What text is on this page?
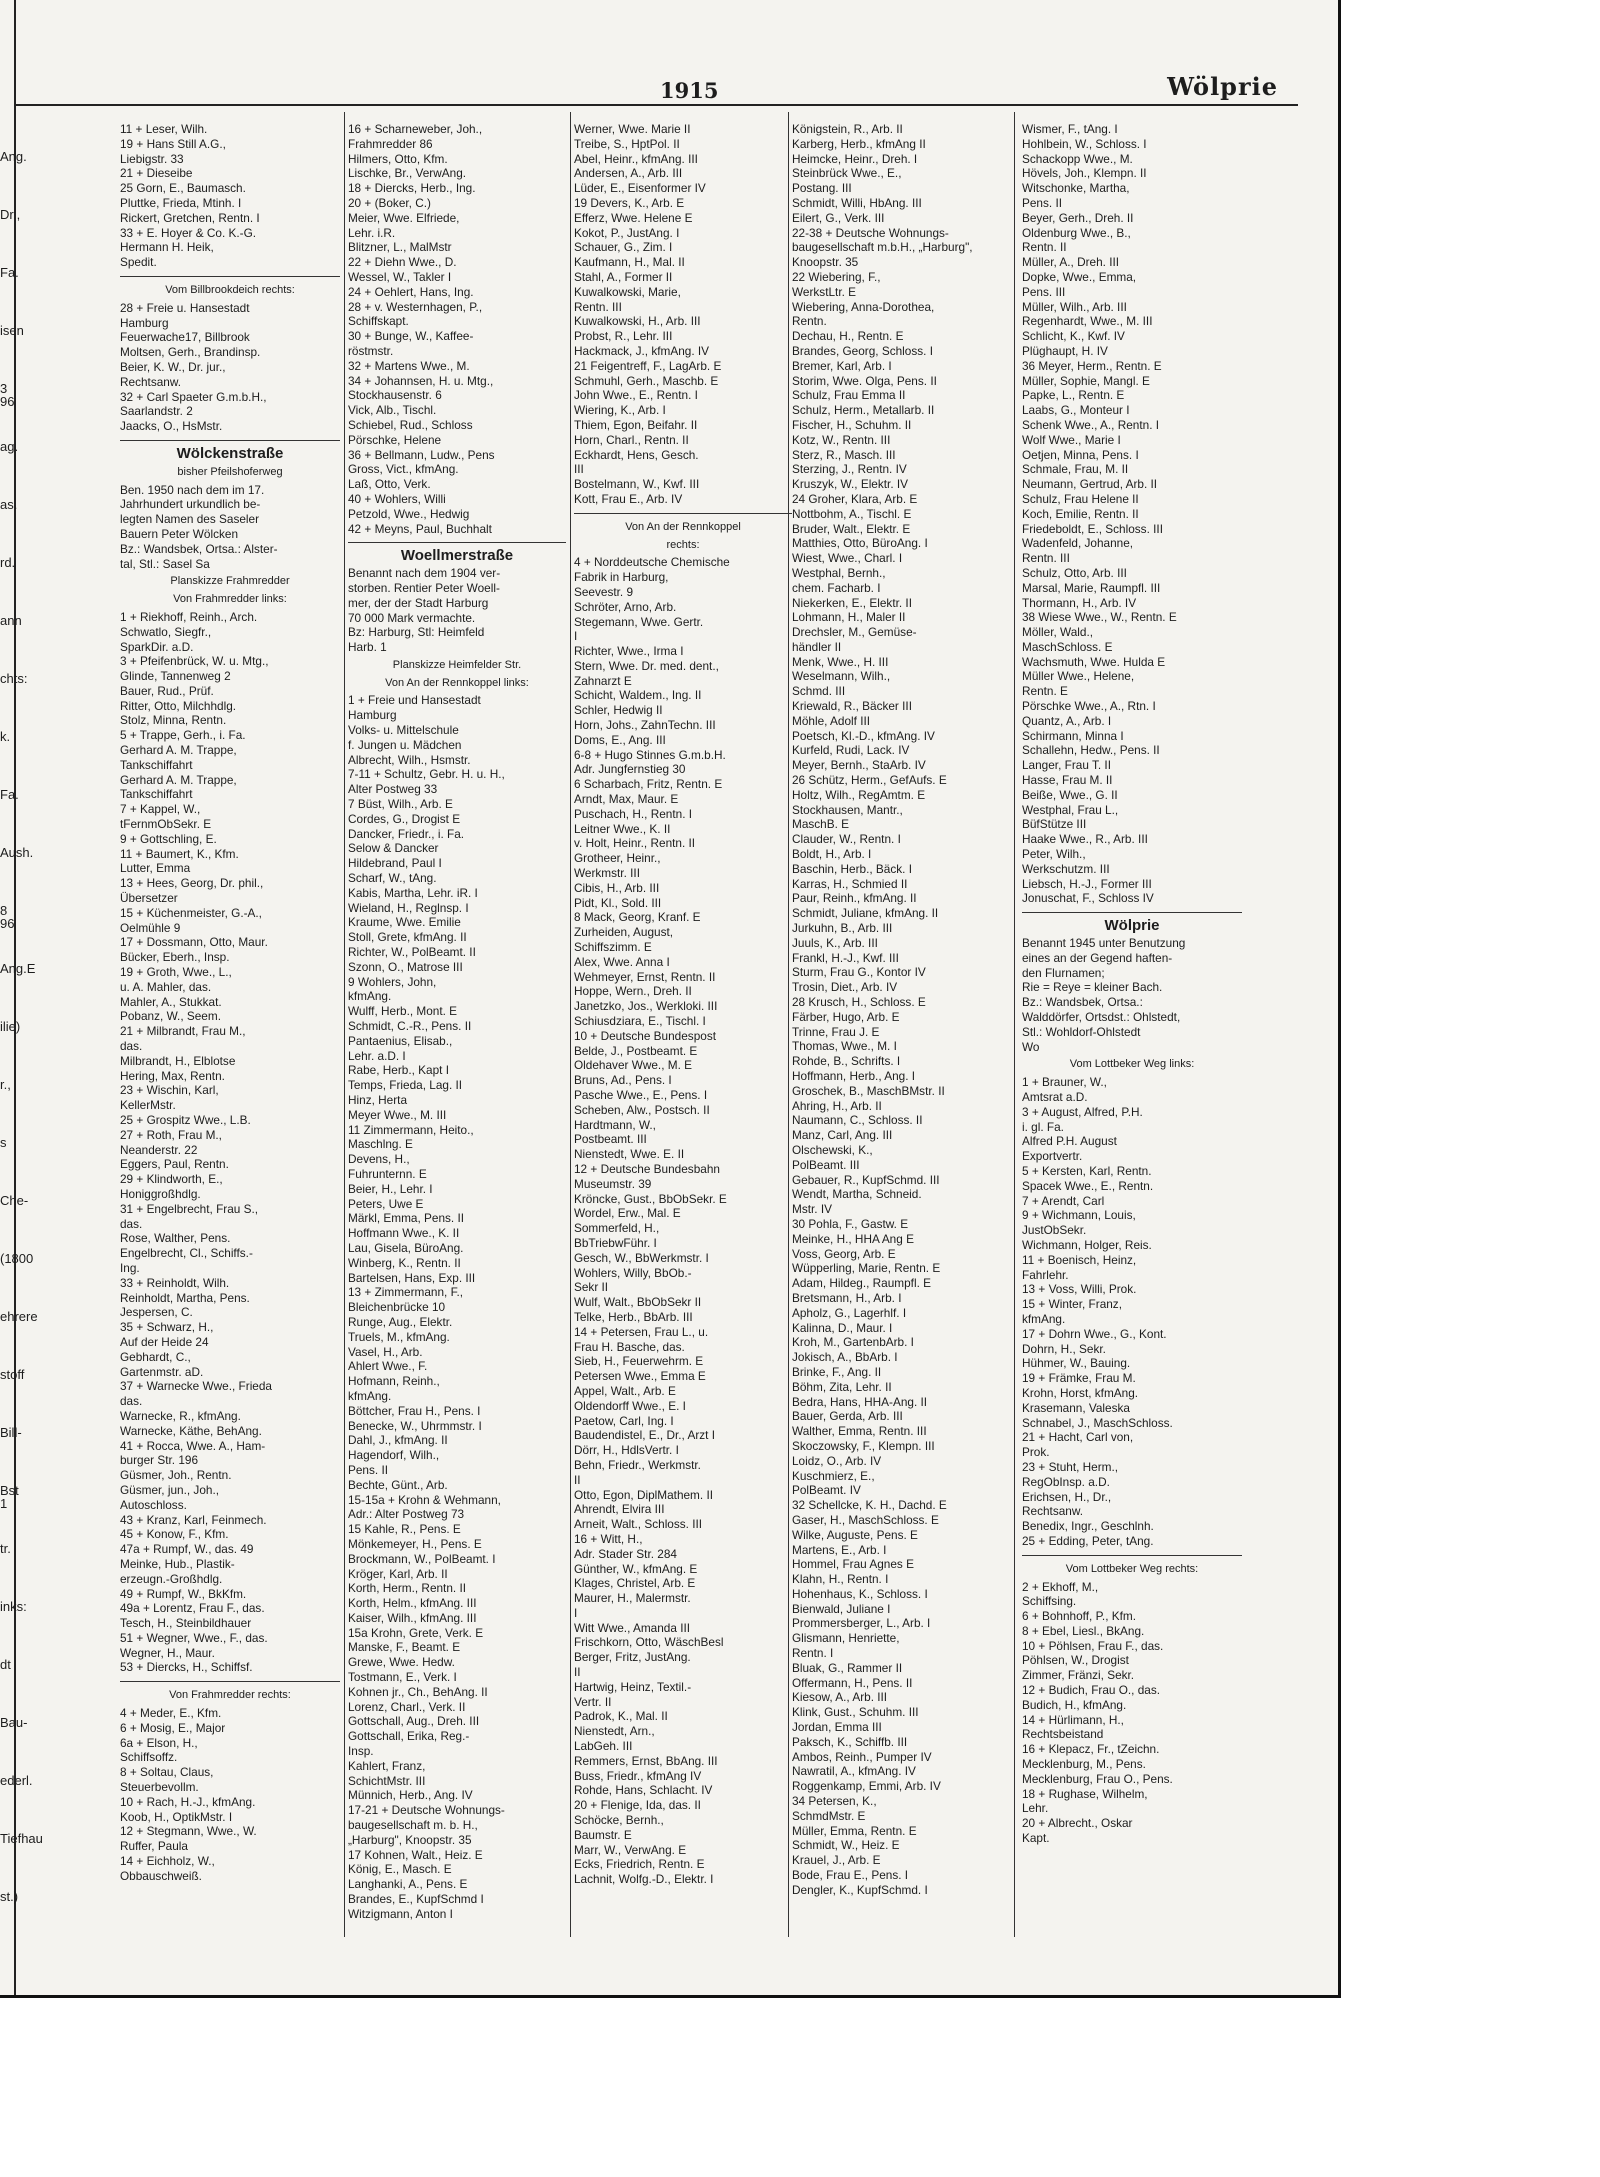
Ang.
Dr.,
Fa.
isen
3 96
ag.
as.
rd.
ann
chts:
k.
Fa.
Aush.
8 96
Ang.E
ilie)
r.,
s
Che-
(1800
ehrere
stoff
Bill-
Bst 1
tr.
inks:
dt
Bau-
ederl.
Tiefhau
st.)
1915	Wölprie
11 + Leser, Wilh.
19 + Hans Still A.G.,
Liebigstr. 33
21 + Dieseibe
25 Gorn, E., Baumasch.
Pluttke, Frieda, Mtinh. I
Rickert, Gretchen, Rentn. I
33 + E. Hoyer & Co. K.-G.
Hermann H. Heik,
Spedit.
Vom Billbrookdeich rechts:
28 + Freie u. Hansestadt
Hamburg
Feuerwache17, Billbrook
Moltsen, Gerh., Brandinsp.
Beier, K. W., Dr. jur.,
Rechtsanw.
32 + Carl Spaeter G.m.b.H.,
Saarlandstr. 2
Jaacks, O., HsMstr.
Wölckenstraße
bisher Pfeilshoferweg
Ben. 1950 nach dem im 17.
Jahrhundert urkundlich be-
legten Namen des Saseler
Bauern Peter Wölcken
Bz.: Wandsbek, Ortsa.: Alster-
tal, Stl.: Sasel Sa
Planskizze Frahmredder
Von Frahmredder links:
1 + Riekhoff, Reinh., Arch.
Schwatlo, Siegfr.,
SparkDir. a.D.
3 + Pfeifenbrück, W. u. Mtg.,
Glinde, Tannenweg 2
Bauer, Rud., Prüf.
Ritter, Otto, Milchhdlg.
Stolz, Minna, Rentn.
5 + Trappe, Gerh., i. Fa.
Gerhard A. M. Trappe,
Tankschiffahrt
Gerhard A. M. Trappe,
Tankschiffahrt
7 + Kappel, W.,
tFernmObSekr. E
9 + Gottschling, E.
11 + Baumert, K., Kfm.
Lutter, Emma
13 + Hees, Georg, Dr. phil.,
Übersetzer
15 + Küchenmeister, G.-A.,
Oelmühle 9
17 + Dossmann, Otto, Maur.
Bücker, Eberh., Insp.
19 + Groth, Wwe., L.,
u. A. Mahler, das.
Mahler, A., Stukkat.
Pobanz, W., Seem.
21 + Milbrandt, Frau M.,
das.
Milbrandt, H., Elblotse
Hering, Max, Rentn.
23 + Wischin, Karl,
KellerMstr.
25 + Grospitz Wwe., L.B.
27 + Roth, Frau M.,
Neanderstr. 22
Eggers, Paul, Rentn.
29 + Klindworth, E.,
Honiggroßhdlg.
31 + Engelbrecht, Frau S.,
das.
Rose, Walther, Pens.
Engelbrecht, Cl., Schiffs.-
Ing.
33 + Reinholdt, Wilh.
Reinholdt, Martha, Pens.
Jespersen, C.
35 + Schwarz, H.,
Auf der Heide 24
Gebhardt, C.,
Gartenmstr. aD.
37 + Warnecke Wwe., Frieda
das.
Warnecke, R., kfmAng.
Warnecke, Käthe, BehAng.
41 + Rocca, Wwe. A., Ham-
burger Str. 196
Güsmer, Joh., Rentn.
Güsmer, jun., Joh.,
Autoschloss.
43 + Kranz, Karl, Feinmech.
45 + Konow, F., Kfm.
47a + Rumpf, W., das. 49
Meinke, Hub., Plastik-
erzeugn.-Großhdlg.
49 + Rumpf, W., BkKfm.
49a + Lorentz, Frau F., das.
Tesch, H., Steinbildhauer
51 + Wegner, Wwe., F., das.
Wegner, H., Maur.
53 + Diercks, H., Schiffsf.
Von Frahmredder rechts:
4 + Meder, E., Kfm.
6 + Mosig, E., Major
6a + Elson, H.,
Schiffsoffz.
8 + Soltau, Claus,
Steuerbevollm.
10 + Rach, H.-J., kfmAng.
Koob, H., OptikMstr. I
12 + Stegmann, Wwe., W.
Ruffer, Paula
14 + Eichholz, W.,
Obbauschweiß.
16 + Scharneweber, Joh.,
Frahmredder 86
Hilmers, Otto, Kfm.
Lischke, Br., VerwAng.
18 + Diercks, Herb., Ing.
20 + (Boker, C.)
Meier, Wwe. Elfriede,
Lehr. i.R.
Blitzner, L., MalMstr
22 + Diehn Wwe., D.
Wessel, W., Takler I
24 + Oehlert, Hans, Ing.
28 + v. Westernhagen, P.,
Schiffskapt.
30 + Bunge, W., Kaffee-
röstmstr.
32 + Martens Wwe., M.
34 + Johannsen, H. u. Mtg.,
Stockhausenstr. 6
Vick, Alb., Tischl.
Schiebel, Rud., Schloss
Pörschke, Helene
36 + Bellmann, Ludw., Pens
Gross, Vict., kfmAng.
Laß, Otto, Verk.
40 + Wohlers, Willi
Petzold, Wwe., Hedwig
42 + Meyns, Paul, Buchhalt
Woellmerstraße
Benannt nach dem 1904 ver-
storben. Rentier Peter Woell-
mer, der der Stadt Harburg
70 000 Mark vermachte.
Bz: Harburg, Stl: Heimfeld
Harb. 1
Planskizze Heimfelder Str.
Von An der Rennkoppel links:
1 + Freie und Hansestadt
Hamburg
Volks- u. Mittelschule
f. Jungen u. Mädchen
Albrecht, Wilh., Hsmstr.
7-11 + Schultz, Gebr. H. u. H.,
Alter Postweg 33
7 Büst, Wilh., Arb. E
Cordes, G., Drogist E
Dancker, Friedr., i. Fa.
Selow & Dancker
Hildebrand, Paul I
Scharf, W., tAng.
Kabis, Martha, Lehr. iR. I
Wieland, H., Reglnsp. I
Kraume, Wwe. Emilie
Stoll, Grete, kfmAng. II
Richter, W., PolBeamt. II
Szonn, O., Matrose III
9 Wohlers, John,
kfmAng.
Wulff, Herb., Mont. E
Schmidt, C.-R., Pens. II
Pantaenius, Elisab.,
Lehr. a.D. I
Rabe, Herb., Kapt I
Temps, Frieda, Lag. II
Hinz, Herta
Meyer Wwe., M. III
11 Zimmermann, Heito.,
Maschlng. E
Devens, H.,
Fuhrunternn. E
Beier, H., Lehr. I
Peters, Uwe E
Märkl, Emma, Pens. II
Hoffmann Wwe., K. II
Lau, Gisela, BüroAng.
Winberg, K., Rentn. II
Bartelsen, Hans, Exp. III
13 + Zimmermann, F.,
Bleichenbrücke 10
Runge, Aug., Elektr.
Truels, M., kfmAng.
Vasel, H., Arb.
Ahlert Wwe., F.
Hofmann, Reinh.,
kfmAng.
Böttcher, Frau H., Pens. I
Benecke, W., Uhrmmstr. I
Dahl, J., kfmAng. II
Hagendorf, Wilh.,
Pens. II
Bechte, Günt., Arb.
15-15a + Krohn & Wehmann,
Adr.: Alter Postweg 73
15 Kahle, R., Pens. E
Mönkemeyer, H., Pens. E
Brockmann, W., PolBeamt. I
Kröger, Karl, Arb. II
Korth, Herm., Rentn. II
Korth, Helm., kfmAng. III
Kaiser, Wilh., kfmAng. III
15a Krohn, Grete, Verk. E
Manske, F., Beamt. E
Grewe, Wwe. Hedw.
Tostmann, E., Verk. I
Kohnen jr., Ch., BehAng. II
Lorenz, Charl., Verk. II
Gottschall, Aug., Dreh. III
Gottschall, Erika, Reg.-
Insp.
Kahlert, Franz,
SchichtMstr. III
Münnich, Herb., Ang. IV
17-21 + Deutsche Wohnungs-
baugesellschaft m. b. H.,
„Harburg", Knoopstr. 35
17 Kohnen, Walt., Heiz. E
König, E., Masch. E
Langhanki, A., Pens. E
Brandes, E., KupfSchmd I
Witzigmann, Anton I
Werner, Wwe. Marie II
Treibe, S., HptPol. II
Abel, Heinr., kfmAng. III
Andersen, A., Arb. III
Lüder, E., Eisenformer IV
19 Devers, K., Arb. E
Efferz, Wwe. Helene E
Kokot, P., JustAng. I
Schauer, G., Zim. I
Kaufmann, H., Mal. II
Stahl, A., Former II
Kuwalkowski, Marie,
Rentn. III
Kuwalkowski, H., Arb. III
Probst, R., Lehr. III
Hackmack, J., kfmAng. IV
21 Feigentreff, F., LagArb. E
Schmuhl, Gerh., Maschb. E
John Wwe., E., Rentn. I
Wiering, K., Arb. I
Thiem, Egon, Beifahr. II
Horn, Charl., Rentn. II
Eckhardt, Hens, Gesch.
III
Bostelmann, W., Kwf. III
Kott, Frau E., Arb. IV
Von An der Rennkoppel
rechts:
4 + Norddeutsche Chemische
Fabrik in Harburg,
Seevestr. 9
Schröter, Arno, Arb.
Stegemann, Wwe. Gertr.
I
Richter, Wwe., Irma I
Stern, Wwe. Dr. med. dent.,
Zahnarzt E
Schicht, Waldem., Ing. II
Schler, Hedwig II
Horn, Johs., ZahnTechn. III
Doms, E., Ang. III
6-8 + Hugo Stinnes G.m.b.H.
Adr. Jungfernstieg 30
6 Scharbach, Fritz, Rentn. E
Arndt, Max, Maur. E
Puschach, H., Rentn. I
Leitner Wwe., K. II
v. Holt, Heinr., Rentn. II
Grotheer, Heinr.,
Werkmstr. III
Cibis, H., Arb. III
Pidt, Kl., Sold. III
8 Mack, Georg, Kranf. E
Zurheiden, August,
Schiffszimm. E
Alex, Wwe. Anna I
Wehmeyer, Ernst, Rentn. II
Hoppe, Wern., Dreh. II
Janetzko, Jos., Werkloki. III
Schiusdziara, E., Tischl. I
10 + Deutsche Bundespost
Belde, J., Postbeamt. E
Oldehaver Wwe., M. E
Bruns, Ad., Pens. I
Pasche Wwe., E., Pens. I
Scheben, Alw., Postsch. II
Hardtmann, W.,
Postbeamt. III
Nienstedt, Wwe. E. II
12 + Deutsche Bundesbahn
Museumstr. 39
Kröncke, Gust., BbObSekr. E
Wordel, Erw., Mal. E
Sommerfeld, H.,
BbTriebwFühr. I
Gesch, W., BbWerkmstr. I
Wohlers, Willy, BbOb.-
Sekr II
Wulf, Walt., BbObSekr II
Telke, Herb., BbArb. III
14 + Petersen, Frau L., u.
Frau H. Basche, das.
Sieb, H., Feuerwehrm. E
Petersen Wwe., Emma E
Appel, Walt., Arb. E
Oldendorff Wwe., E. I
Paetow, Carl, Ing. I
Baudendistel, E., Dr., Arzt I
Dörr, H., HdlsVertr. I
Behn, Friedr., Werkmstr.
II
Otto, Egon, DiplMathem. II
Ahrendt, Elvira III
Arneit, Walt., Schloss. III
16 + Witt, H.,
Adr. Stader Str. 284
Günther, W., kfmAng. E
Klages, Christel, Arb. E
Maurer, H., Malermstr.
I
Witt Wwe., Amanda III
Frischkorn, Otto, WäschBesl
Berger, Fritz, JustAng.
II
Hartwig, Heinz, Textil.-
Vertr. II
Padrok, K., Mal. II
Nienstedt, Arn.,
LabGeh. III
Remmers, Ernst, BbAng. III
Buss, Friedr., kfmAng IV
Rohde, Hans, Schlacht. IV
20 + Flenige, Ida, das. II
Schöcke, Bernh.,
Baumstr. E
Marr, W., VerwAng. E
Ecks, Friedrich, Rentn. E
Lachnit, Wolfg.-D., Elektr. I
Königstein, R., Arb. II
Karberg, Herb., kfmAng II
Heimcke, Heinr., Dreh. I
Steinbrück Wwe., E.,
Postang. III
Schmidt, Willi, HbAng. III
Eilert, G., Verk. III
22-38 + Deutsche Wohnungs-
baugesellschaft m.b.H., „Harburg",
Knoopstr. 35
22 Wiebering, F.,
WerkstLtr. E
Wiebering, Anna-Dorothea,
Rentn.
Dechau, H., Rentn. E
Brandes, Georg, Schloss. I
Bremer, Karl, Arb. I
Storim, Wwe. Olga, Pens. II
Schulz, Frau Emma II
Schulz, Herm., Metallarb. II
Fischer, H., Schuhm. II
Kotz, W., Rentn. III
Sterz, R., Masch. III
Sterzing, J., Rentn. IV
Kruszyk, W., Elektr. IV
24 Groher, Klara, Arb. E
Nottbohm, A., Tischl. E
Bruder, Walt., Elektr. E
Matthies, Otto, BüroAng. I
Wiest, Wwe., Charl. I
Westphal, Bernh.,
chem. Facharb. I
Niekerken, E., Elektr. II
Lohmann, H., Maler II
Drechsler, M., Gemüse-
händler II
Menk, Wwe., H. III
Weselmann, Wilh.,
Schmd. III
Kriewald, R., Bäcker III
Möhle, Adolf III
Poetsch, Kl.-D., kfmAng. IV
Kurfeld, Rudi, Lack. IV
Meyer, Bernh., StaArb. IV
26 Schütz, Herm., GefAufs. E
Holtz, Wilh., RegAmtm. E
Stockhausen, Mantr.,
MaschB. E
Clauder, W., Rentn. I
Boldt, H., Arb. I
Baschin, Herb., Bäck. I
Karras, H., Schmied II
Paur, Reinh., kfmAng. II
Schmidt, Juliane, kfmAng. II
Jurkuhn, B., Arb. III
Juuls, K., Arb. III
Frankl, H.-J., Kwf. III
Sturm, Frau G., Kontor IV
Trosin, Diet., Arb. IV
28 Krusch, H., Schloss. E
Färber, Hugo, Arb. E
Trinne, Frau J. E
Thomas, Wwe., M. I
Rohde, B., Schrifts. I
Hoffmann, Herb., Ang. I
Groschek, B., MaschBMstr. II
Ahring, H., Arb. II
Naumann, C., Schloss. II
Manz, Carl, Ang. III
Olschewski, K.,
PolBeamt. III
Gebauer, R., KupfSchmd. III
Wendt, Martha, Schneid.
Mstr. IV
30 Pohla, F., Gastw. E
Meinke, H., HHA Ang E
Voss, Georg, Arb. E
Wüpperling, Marie, Rentn. E
Adam, Hildeg., Raumpfl. E
Bretsmann, H., Arb. I
Apholz, G., Lagerhlf. I
Kalinna, D., Maur. I
Kroh, M., GartenbArb. I
Jokisch, A., BbArb. I
Brinke, F., Ang. II
Böhm, Zita, Lehr. II
Bedra, Hans, HHA-Ang. II
Bauer, Gerda, Arb. III
Walther, Emma, Rentn. III
Skoczowsky, F., Klempn. III
Loidz, O., Arb. IV
Kuschmierz, E.,
PolBeamt. IV
32 Schellcke, K. H., Dachd. E
Gaser, H., MaschSchloss. E
Wilke, Auguste, Pens. E
Martens, E., Arb. I
Hommel, Frau Agnes E
Klahn, H., Rentn. I
Hohenhaus, K., Schloss. I
Bienwald, Juliane I
Prommersberger, L., Arb. I
Glismann, Henriette,
Rentn. I
Bluak, G., Rammer II
Offermann, H., Pens. II
Kiesow, A., Arb. III
Klink, Gust., Schuhm. III
Jordan, Emma III
Paksch, K., Schiffb. III
Ambos, Reinh., Pumper IV
Nawratil, A., kfmAng. IV
Roggenkamp, Emmi, Arb. IV
34 Petersen, K.,
SchmdMstr. E
Müller, Emma, Rentn. E
Schmidt, W., Heiz. E
Krauel, J., Arb. E
Bode, Frau E., Pens. I
Dengler, K., KupfSchmd. I
Wismer, F., tAng. I
Hohlbein, W., Schloss. I
Schackopp Wwe., M.
Hövels, Joh., Klempn. II
Witschonke, Martha,
Pens. II
Beyer, Gerh., Dreh. II
Oldenburg Wwe., B.,
Rentn. II
Müller, A., Dreh. III
Dopke, Wwe., Emma,
Pens. III
Müller, Wilh., Arb. III
Regenhardt, Wwe., M. III
Schlicht, K., Kwf. IV
Plüghaupt, H. IV
36 Meyer, Herm., Rentn. E
Müller, Sophie, Mangl. E
Papke, L., Rentn. E
Laabs, G., Monteur I
Schenk Wwe., A., Rentn. I
Wolf Wwe., Marie I
Oetjen, Minna, Pens. I
Schmale, Frau, M. II
Neumann, Gertrud, Arb. II
Schulz, Frau Helene II
Koch, Emilie, Rentn. II
Friedeboldt, E., Schloss. III
Wadenfeld, Johanne,
Rentn. III
Schulz, Otto, Arb. III
Marsal, Marie, Raumpfl. III
Thormann, H., Arb. IV
38 Wiese Wwe., W., Rentn. E
Möller, Wald.,
MaschSchloss. E
Wachsmuth, Wwe. Hulda E
Müller Wwe., Helene,
Rentn. E
Pörschke Wwe., A., Rtn. I
Quantz, A., Arb. I
Schirmann, Minna I
Schallehn, Hedw., Pens. II
Langer, Frau T. II
Hasse, Frau M. II
Beiße, Wwe., G. II
Westphal, Frau L.,
BüfStütze III
Haake Wwe., R., Arb. III
Peter, Wilh.,
Werkschutzm. III
Liebsch, H.-J., Former III
Jonuschat, F., Schloss IV
Wölprie
Benannt 1945 unter Benutzung
eines an der Gegend haften-
den Flurnamen;
Rie = Reye = kleiner Bach.
Bz.: Wandsbek, Ortsa.:
Walddörfer, Ortsdst.: Ohlstedt,
Stl.: Wohldorf-Ohlstedt
Wo
Vom Lottbeker Weg links:
1 + Brauner, W.,
Amtsrat a.D.
3 + August, Alfred, P.H.
i. gl. Fa.
Alfred P.H. August
Exportvertr.
5 + Kersten, Karl, Rentn.
Spacek Wwe., E., Rentn.
7 + Arendt, Carl
9 + Wichmann, Louis,
JustObSekr.
Wichmann, Holger, Reis.
11 + Boenisch, Heinz,
Fahrlehr.
13 + Voss, Willi, Prok.
15 + Winter, Franz,
kfmAng.
17 + Dohrn Wwe., G., Kont.
Dohrn, H., Sekr.
Hühmer, W., Bauing.
19 + Främke, Frau M.
Krohn, Horst, kfmAng.
Krasemann, Valeska
Schnabel, J., MaschSchloss.
21 + Hacht, Carl von,
Prok.
23 + Stuht, Herm.,
RegObInsp. a.D.
Erichsen, H., Dr.,
Rechtsanw.
Benedix, Ingr., Geschlnh.
25 + Edding, Peter, tAng.
Vom Lottbeker Weg rechts:
2 + Ekhoff, M.,
Schiffsing.
6 + Bohnhoff, P., Kfm.
8 + Ebel, Liesl., BkAng.
10 + Pöhlsen, Frau F., das.
Pöhlsen, W., Drogist
Zimmer, Fränzi, Sekr.
12 + Budich, Frau O., das.
Budich, H., kfmAng.
14 + Hürlimann, H.,
Rechtsbeistand
16 + Klepacz, Fr., tZeichn.
Mecklenburg, M., Pens.
Mecklenburg, Frau O., Pens.
18 + Rughase, Wilhelm,
Lehr.
20 + Albrecht., Oskar
Kapt.
